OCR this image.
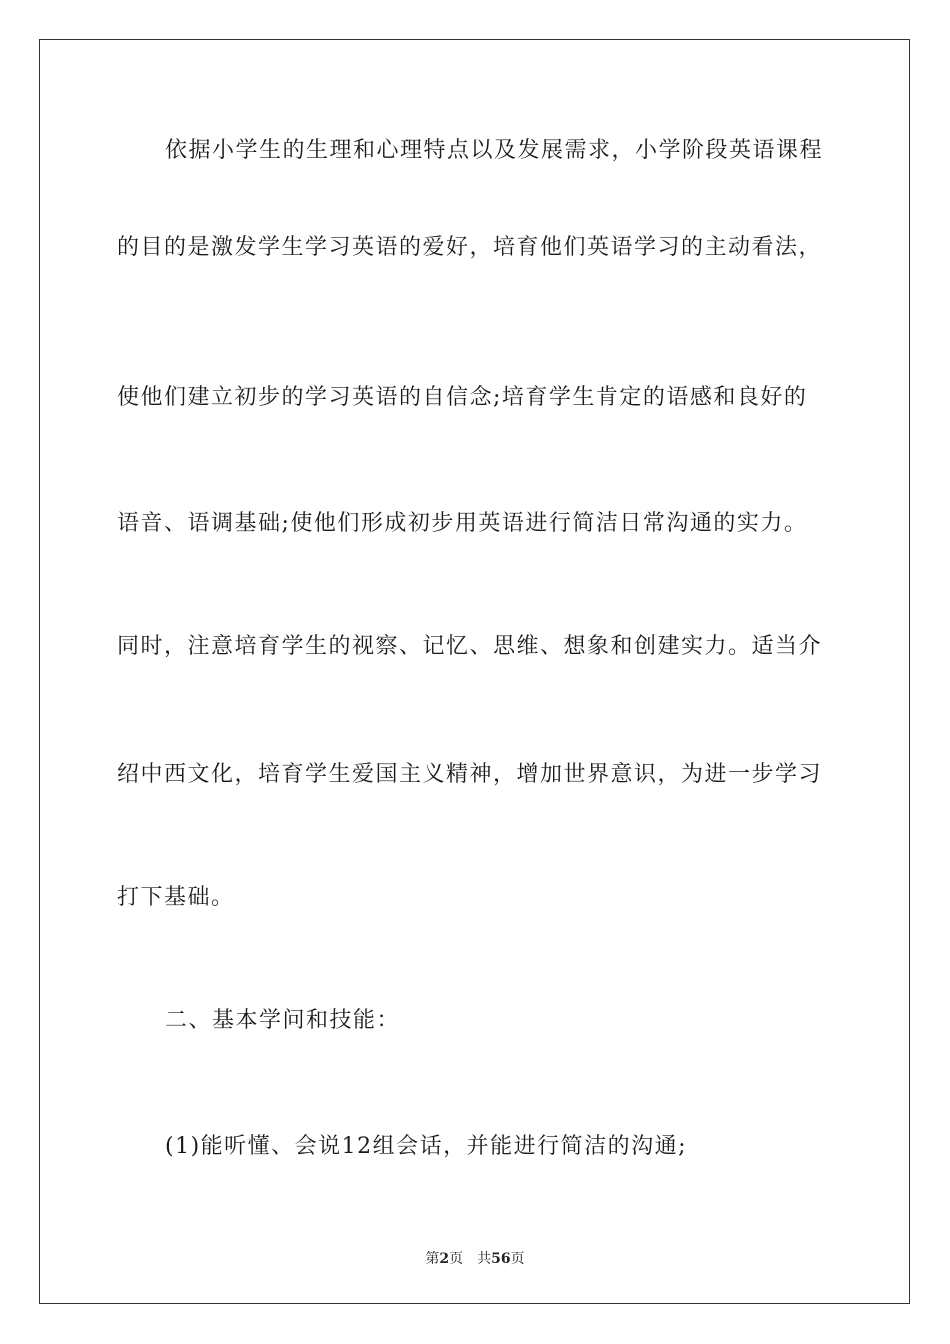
依据小学生的生理和心理特点以及发展需求，小学阶段英语课程
的目的是激发学生学习英语的爱好，培育他们英语学习的主动看法，
使他们建立初步的学习英语的自信念;培育学生肯定的语感和良好的
语音、语调基础;使他们形成初步用英语进行简洁日常沟通的实力。
同时，注意培育学生的视察、记忆、思维、想象和创建实力。适当介
绍中西文化，培育学生爱国主义精神，增加世界意识，为进一步学习
打下基础。
二、基本学问和技能：
(1)能听懂、会说12组会话，并能进行简洁的沟通;
第2页 共56页
